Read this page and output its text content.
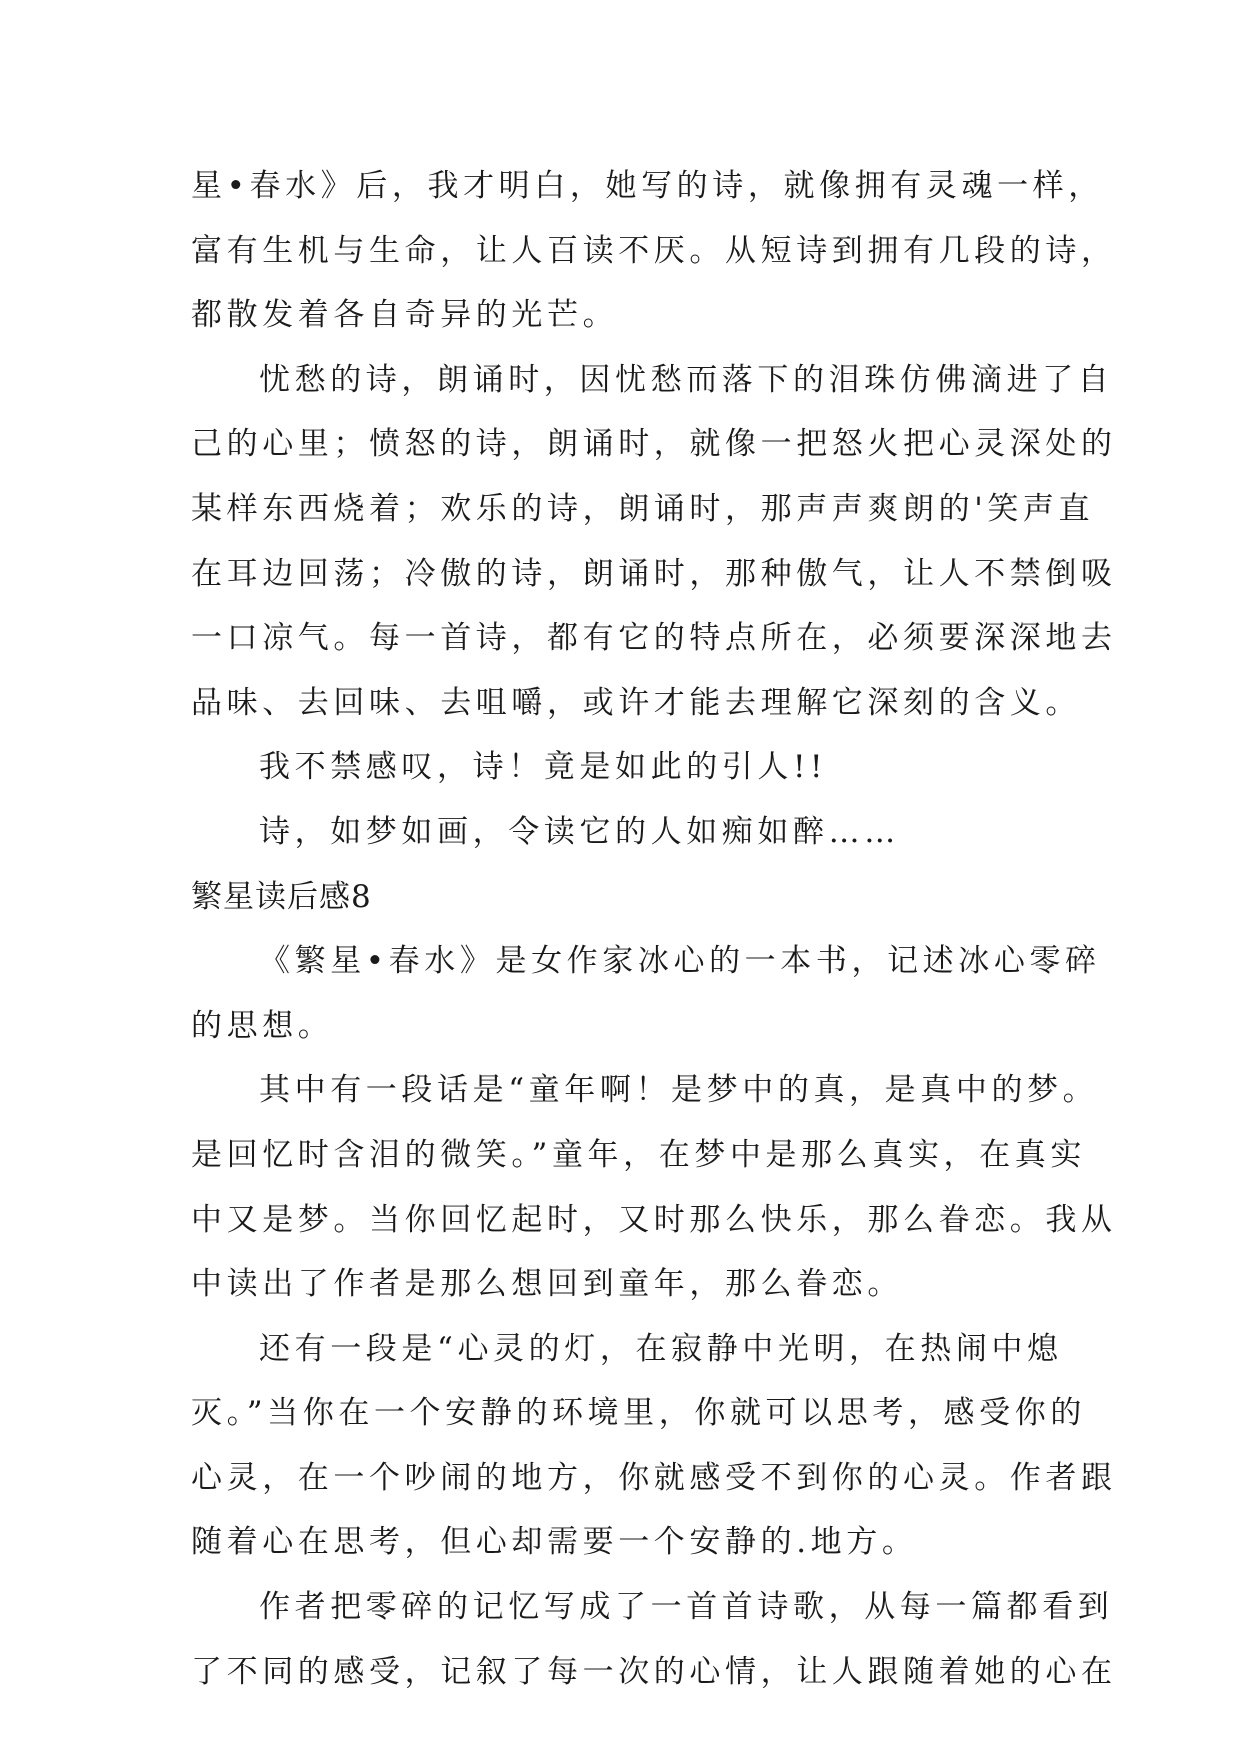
星•春水》后，我才明白，她写的诗，就像拥有灵魂一样，
富有生机与生命，让人百读不厌。从短诗到拥有几段的诗，
都散发着各自奇异的光芒。
忧愁的诗，朗诵时，因忧愁而落下的泪珠仿佛滴进了自
己的心里；愤怒的诗，朗诵时，就像一把怒火把心灵深处的
某样东西烧着；欢乐的诗，朗诵时，那声声爽朗的'笑声直
在耳边回荡；冷傲的诗，朗诵时，那种傲气，让人不禁倒吸
一口凉气。每一首诗，都有它的特点所在，必须要深深地去
品味、去回味、去咀嚼，或许才能去理解它深刻的含义。
我不禁感叹，诗！竟是如此的引人!!
诗，如梦如画，令读它的人如痴如醉……
繁星读后感8
《繁星•春水》是女作家冰心的一本书，记述冰心零碎
的思想。
其中有一段话是“童年啊！是梦中的真，是真中的梦。
是回忆时含泪的微笑。”童年，在梦中是那么真实，在真实
中又是梦。当你回忆起时，又时那么快乐，那么眷恋。我从
中读出了作者是那么想回到童年，那么眷恋。
还有一段是“心灵的灯，在寂静中光明，在热闹中熄
灭。”当你在一个安静的环境里，你就可以思考，感受你的
心灵，在一个吵闹的地方，你就感受不到你的心灵。作者跟
随着心在思考，但心却需要一个安静的.地方。
作者把零碎的记忆写成了一首首诗歌，从每一篇都看到
了不同的感受，记叙了每一次的心情，让人跟随着她的心在
